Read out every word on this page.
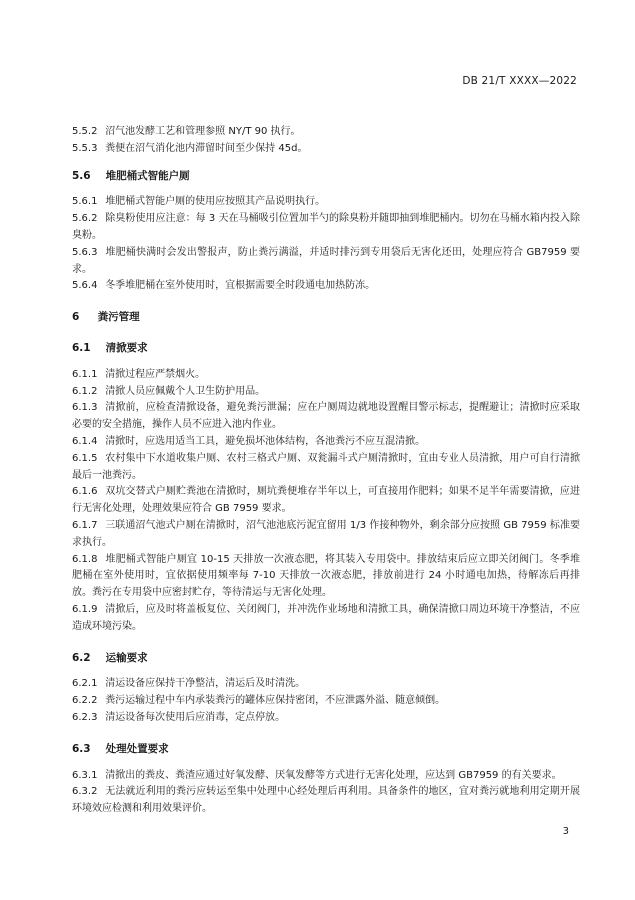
DB 21/T XXXX—2022
5.5.2 沼气池发酵工艺和管理参照 NY/T 90 执行。
5.5.3 粪便在沼气消化池内滞留时间至少保持 45d。
5.6 堆肥桶式智能户厕
5.6.1 堆肥桶式智能户厕的使用应按照其产品说明执行。
5.6.2 除臭粉使用应注意：每 3 天在马桶吸引位置加半勺的除臭粉并随即抽到堆肥桶内。切勿在马桶水箱内投入除臭粉。
5.6.3 堆肥桶快满时会发出警报声，防止粪污满溢，并适时排污到专用袋后无害化还田，处理应符合 GB7959 要求。
5.6.4 冬季堆肥桶在室外使用时，宜根据需要全时段通电加热防冻。
6 粪污管理
6.1 清掀要求
6.1.1 清掀过程应严禁烟火。
6.1.2 清掀人员应佩戴个人卫生防护用品。
6.1.3 清掀前，应检查清掀设备，避免粪污泄漏；应在户厕周边就地设置醒目警示标志，提醒避让；清掀时应采取必要的安全措施，操作人员不应进入池内作业。
6.1.4 清掀时，应选用适当工具，避免损坏池体结构，各池粪污不应互混清掀。
6.1.5 农村集中下水道收集户厕、农村三格式户厕、双瓮漏斗式户厕清掀时，宜由专业人员清掀，用户可自行清掀最后一池粪污。
6.1.6 双坑交替式户厕贮粪池在清掀时，厕坑粪便堆存半年以上，可直接用作肥料；如果不足半年需要清掀，应进行无害化处理，处理效果应符合 GB 7959 要求。
6.1.7 三联通沼气池式户厕在清掀时，沼气池池底污泥宜留用 1/3 作接种物外，剩余部分应按照 GB 7959 标准要求执行。
6.1.8 堆肥桶式智能户厕宜 10-15 天排放一次液态肥，将其装入专用袋中。排放结束后应立即关闭阀门。冬季堆肥桶在室外使用时，宜依据使用频率每 7-10 天排放一次液态肥，排放前进行 24 小时通电加热，待解冻后再排放。粪污在专用袋中应密封贮存，等待清运与无害化处理。
6.1.9 清掀后，应及时将盖板复位、关闭阀门，并冲洗作业场地和清掀工具，确保清掀口周边环境干净整洁，不应造成环境污染。
6.2 运输要求
6.2.1 清运设备应保持干净整洁，清运后及时清洗。
6.2.2 粪污运输过程中车内承装粪污的罐体应保持密闭，不应泄露外溢、随意倾倒。
6.2.3 清运设备每次使用后应消毒，定点停放。
6.3 处理处置要求
6.3.1 清掀出的粪皮、粪渣应通过好氧发酵、厌氧发酵等方式进行无害化处理，应达到 GB7959 的有关要求。
6.3.2 无法就近利用的粪污应转运至集中处理中心经处理后再利用。具备条件的地区，宜对粪污就地利用定期开展环境效应检测和利用效果评价。
3
